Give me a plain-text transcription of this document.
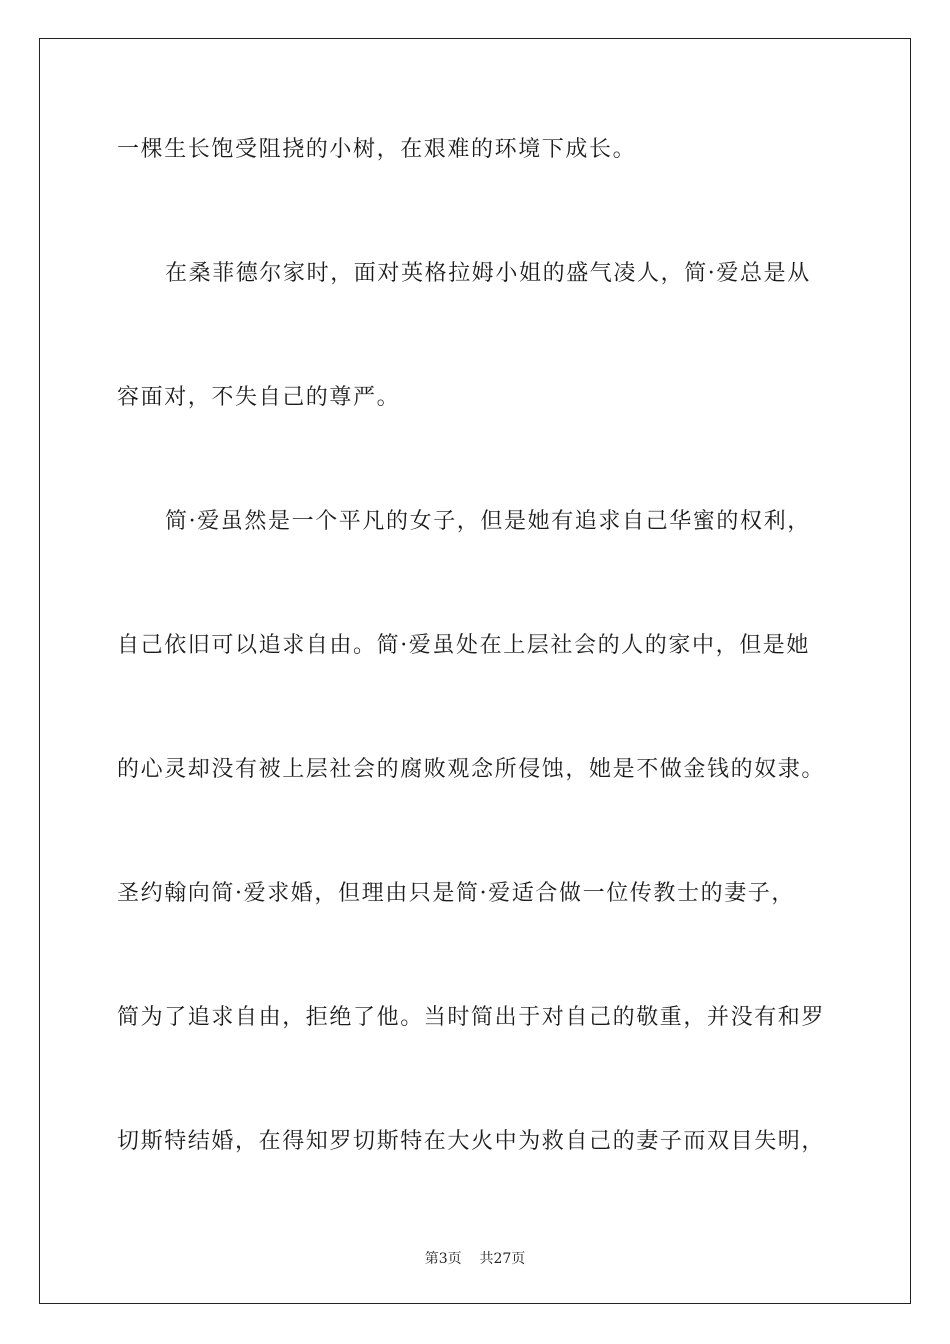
一棵生长饱受阻挠的小树，在艰难的环境下成长。

在桑菲德尔家时，面对英格拉姆小姐的盛气凌人，简·爱总是从

容面对，不失自己的尊严。

简·爱虽然是一个平凡的女子，但是她有追求自己华蜜的权利，

自己依旧可以追求自由。简·爱虽处在上层社会的人的家中，但是她

的心灵却没有被上层社会的腐败观念所侵蚀，她是不做金钱的奴隶。

圣约翰向简·爱求婚，但理由只是简·爱适合做一位传教士的妻子，

简为了追求自由，拒绝了他。当时简出于对自己的敬重，并没有和罗

切斯特结婚，在得知罗切斯特在大火中为救自己的妻子而双目失明，

第3页 共27页
